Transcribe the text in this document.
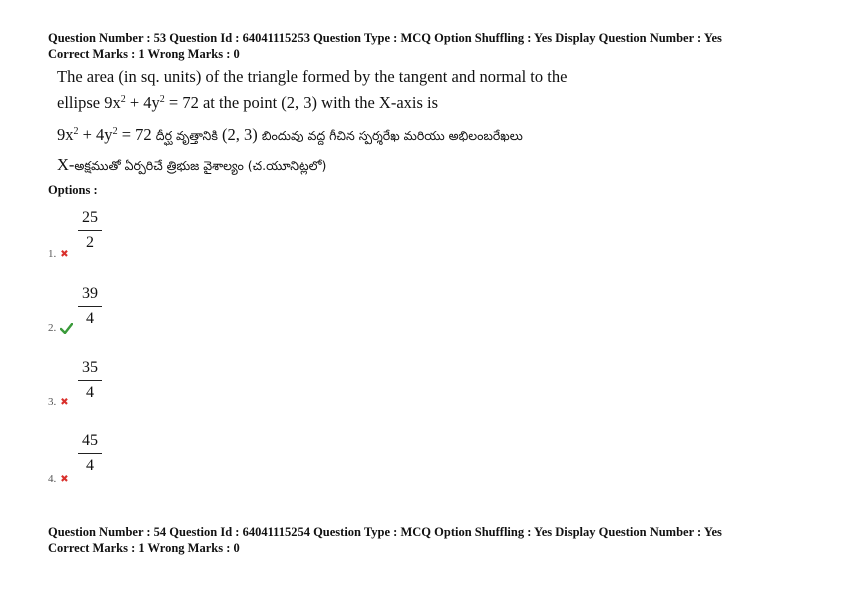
Question Number : 53 Question Id : 64041115253 Question Type : MCQ Option Shuffling : Yes Display Question Number : Yes
Correct Marks : 1 Wrong Marks : 0
The area (in sq. units) of the triangle formed by the tangent and normal to the
ellipse $9x^2 + 4y^2 = 72$ at the point (2, 3) with the X-axis is
$9x^2 + 4y^2 = 72$ దీర్ఘ వృత్తానికి (2, 3) బిందువు వద్ద గీచిన స్పర్శరేఖ మరియు అభిలంబరేఖలు
X-అక్షముతో ఏర్పరిచే త్రిభుజ వైశాల్యం (చ.యూనిట్లలో)
Options :
25
2
1. ✖
39
4
2.
35
4
3. ✖
45
4
4. ✖
Question Number : 54 Question Id : 64041115254 Question Type : MCQ Option Shuffling : Yes Display Question Number : Yes
Correct Marks : 1 Wrong Marks : 0
